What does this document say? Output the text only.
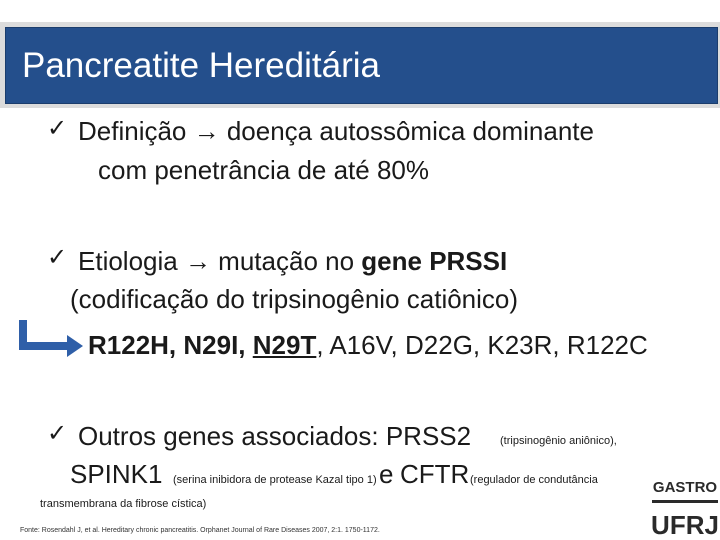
Pancreatite Hereditária
✓ Definição → doença autossômica dominante
com penetrância de até 80%
✓ Etiologia → mutação no gene PRSSI
(codificação do tripsinogênio catiônico)
R122H, N29I, N29T, A16V, D22G, K23R, R122C
✓ Outros genes associados: PRSS2	(tripsinogênio aniônico),
SPINK1 (serina inibidora de protease Kazal tipo 1) e CFTR (regulador de condutância
transmembrana da fibrose cística)
Fonte: Rosendahl J, et al. Hereditary chronic pancreatitis. Orphanet Journal of Rare Diseases 2007, 2:1. 1750-1172.
GASTRO
UFRJ
